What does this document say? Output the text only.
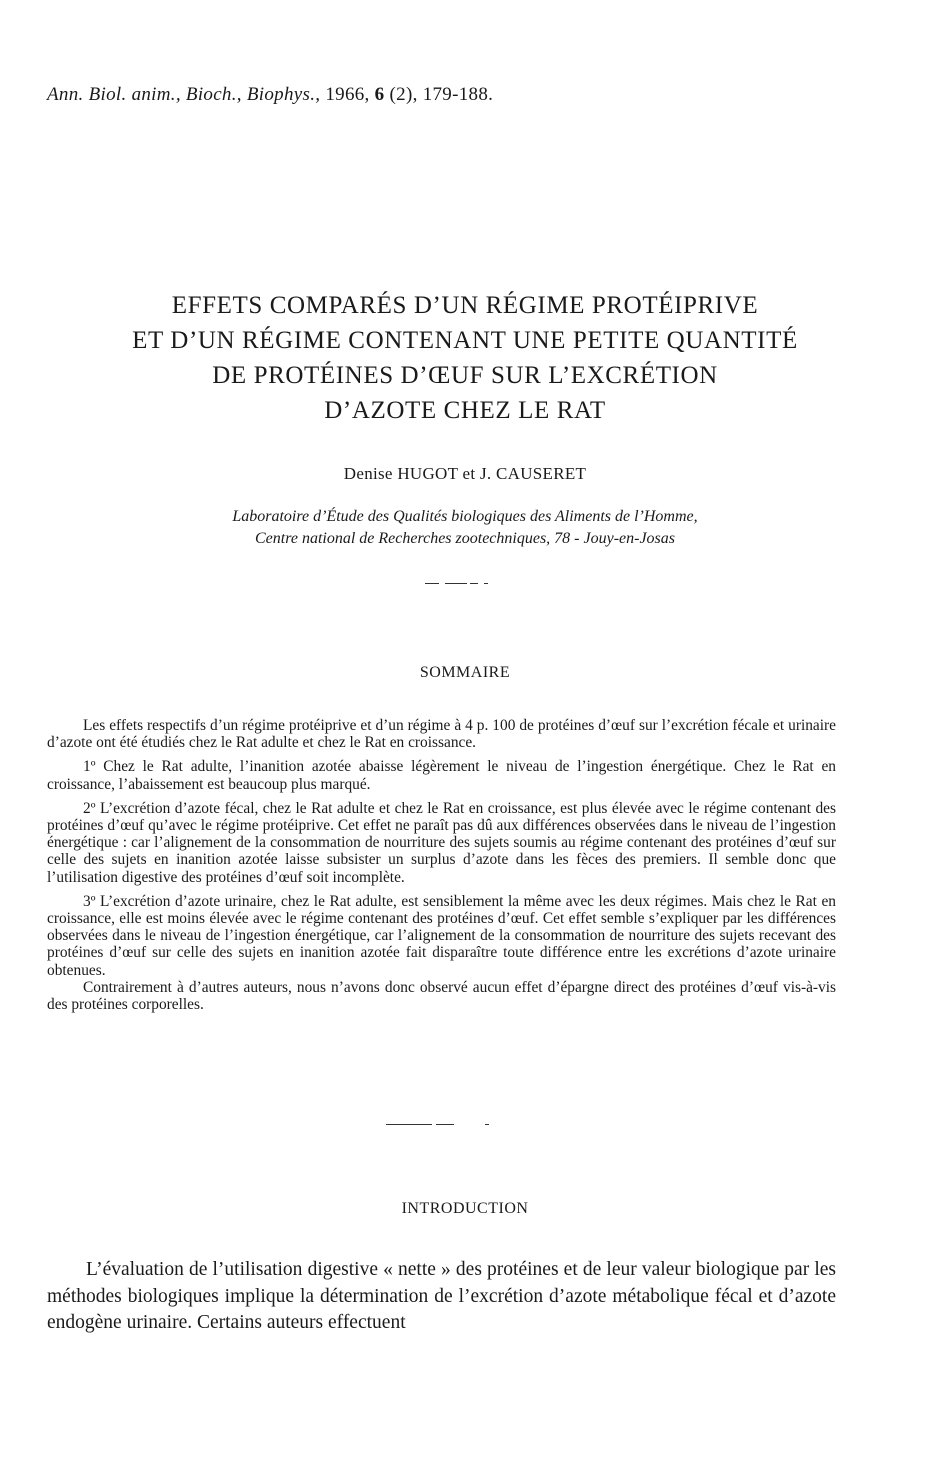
Ann. Biol. anim., Bioch., Biophys., 1966, 6 (2), 179-188.
EFFETS COMPARÉS D’UN RÉGIME PROTÉIPRIVE
ET D’UN RÉGIME CONTENANT UNE PETITE QUANTITÉ
DE PROTÉINES D’ŒUF SUR L’EXCRÉTION
D’AZOTE CHEZ LE RAT
Denise HUGOT et J. CAUSERET
Laboratoire d’Étude des Qualités biologiques des Aliments de l’Homme,
Centre national de Recherches zootechniques, 78 - Jouy-en-Josas
SOMMAIRE

Les effets respectifs d’un régime protéiprive et d’un régime à 4 p. 100 de protéines d’œuf sur l’excrétion fécale et urinaire d’azote ont été étudiés chez le Rat adulte et chez le Rat en croissance.

1º Chez le Rat adulte, l’inanition azotée abaisse légèrement le niveau de l’ingestion énergétique. Chez le Rat en croissance, l’abaissement est beaucoup plus marqué.

2º L’excrétion d’azote fécal, chez le Rat adulte et chez le Rat en croissance, est plus élevée avec le régime contenant des protéines d’œuf qu’avec le régime protéiprive. Cet effet ne paraît pas dû aux différences observées dans le niveau de l’ingestion énergétique : car l’alignement de la consommation de nourriture des sujets soumis au régime contenant des protéines d’œuf sur celle des sujets en inanition azotée laisse subsister un surplus d’azote dans les fèces des premiers. Il semble donc que l’utilisation digestive des protéines d’œuf soit incomplète.

3º L’excrétion d’azote urinaire, chez le Rat adulte, est sensiblement la même avec les deux régimes. Mais chez le Rat en croissance, elle est moins élevée avec le régime contenant des protéines d’œuf. Cet effet semble s’expliquer par les différences observées dans le niveau de l’ingestion énergétique, car l’alignement de la consommation de nourriture des sujets recevant des protéines d’œuf sur celle des sujets en inanition azotée fait disparaître toute différence entre les excrétions d’azote urinaire obtenues.

Contrairement à d’autres auteurs, nous n’avons donc observé aucun effet d’épargne direct des protéines d’œuf vis-à-vis des protéines corporelles.

INTRODUCTION

L’évaluation de l’utilisation digestive « nette » des protéines et de leur valeur biologique par les méthodes biologiques implique la détermination de l’excrétion d’azote métabolique fécal et d’azote endogène urinaire. Certains auteurs effectuent
